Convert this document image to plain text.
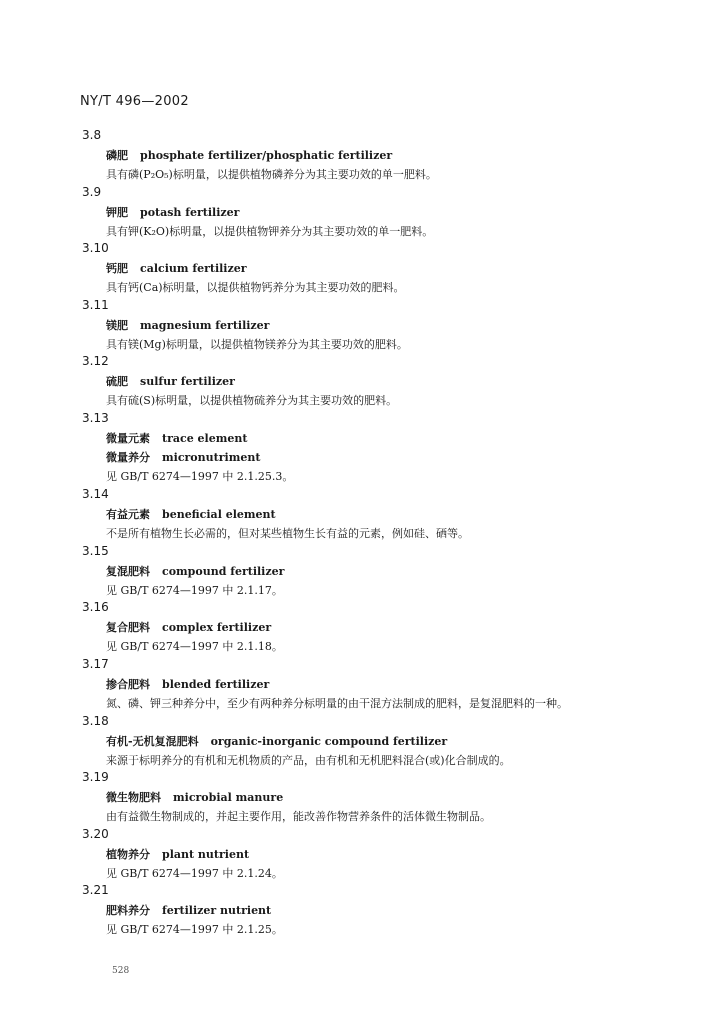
NY/T 496—2002
3.8
磷肥 phosphate fertilizer/phosphatic fertilizer
具有磷(P₂O₅)标明量，以提供植物磷养分为其主要功效的单一肥料。
3.9
钾肥 potash fertilizer
具有钾(K₂O)标明量，以提供植物钾养分为其主要功效的单一肥料。
3.10
钙肥 calcium fertilizer
具有钙(Ca)标明量，以提供植物钙养分为其主要功效的肥料。
3.11
镁肥 magnesium fertilizer
具有镁(Mg)标明量，以提供植物镁养分为其主要功效的肥料。
3.12
硫肥 sulfur fertilizer
具有硫(S)标明量，以提供植物硫养分为其主要功效的肥料。
3.13
微量元素 trace element
微量养分 micronutriment
见 GB/T 6274—1997 中 2.1.25.3。
3.14
有益元素 beneficial element
不是所有植物生长必需的，但对某些植物生长有益的元素，例如硅、硒等。
3.15
复混肥料 compound fertilizer
见 GB/T 6274—1997 中 2.1.17。
3.16
复合肥料 complex fertilizer
见 GB/T 6274—1997 中 2.1.18。
3.17
掺合肥料 blended fertilizer
氮、磷、钾三种养分中，至少有两种养分标明量的由干混方法制成的肥料，是复混肥料的一种。
3.18
有机-无机复混肥料 organic-inorganic compound fertilizer
来源于标明养分的有机和无机物质的产品，由有机和无机肥料混合(或)化合制成的。
3.19
微生物肥料 microbial manure
由有益微生物制成的，并起主要作用，能改善作物营养条件的活体微生物制品。
3.20
植物养分 plant nutrient
见 GB/T 6274—1997 中 2.1.24。
3.21
肥料养分 fertilizer nutrient
见 GB/T 6274—1997 中 2.1.25。
528
